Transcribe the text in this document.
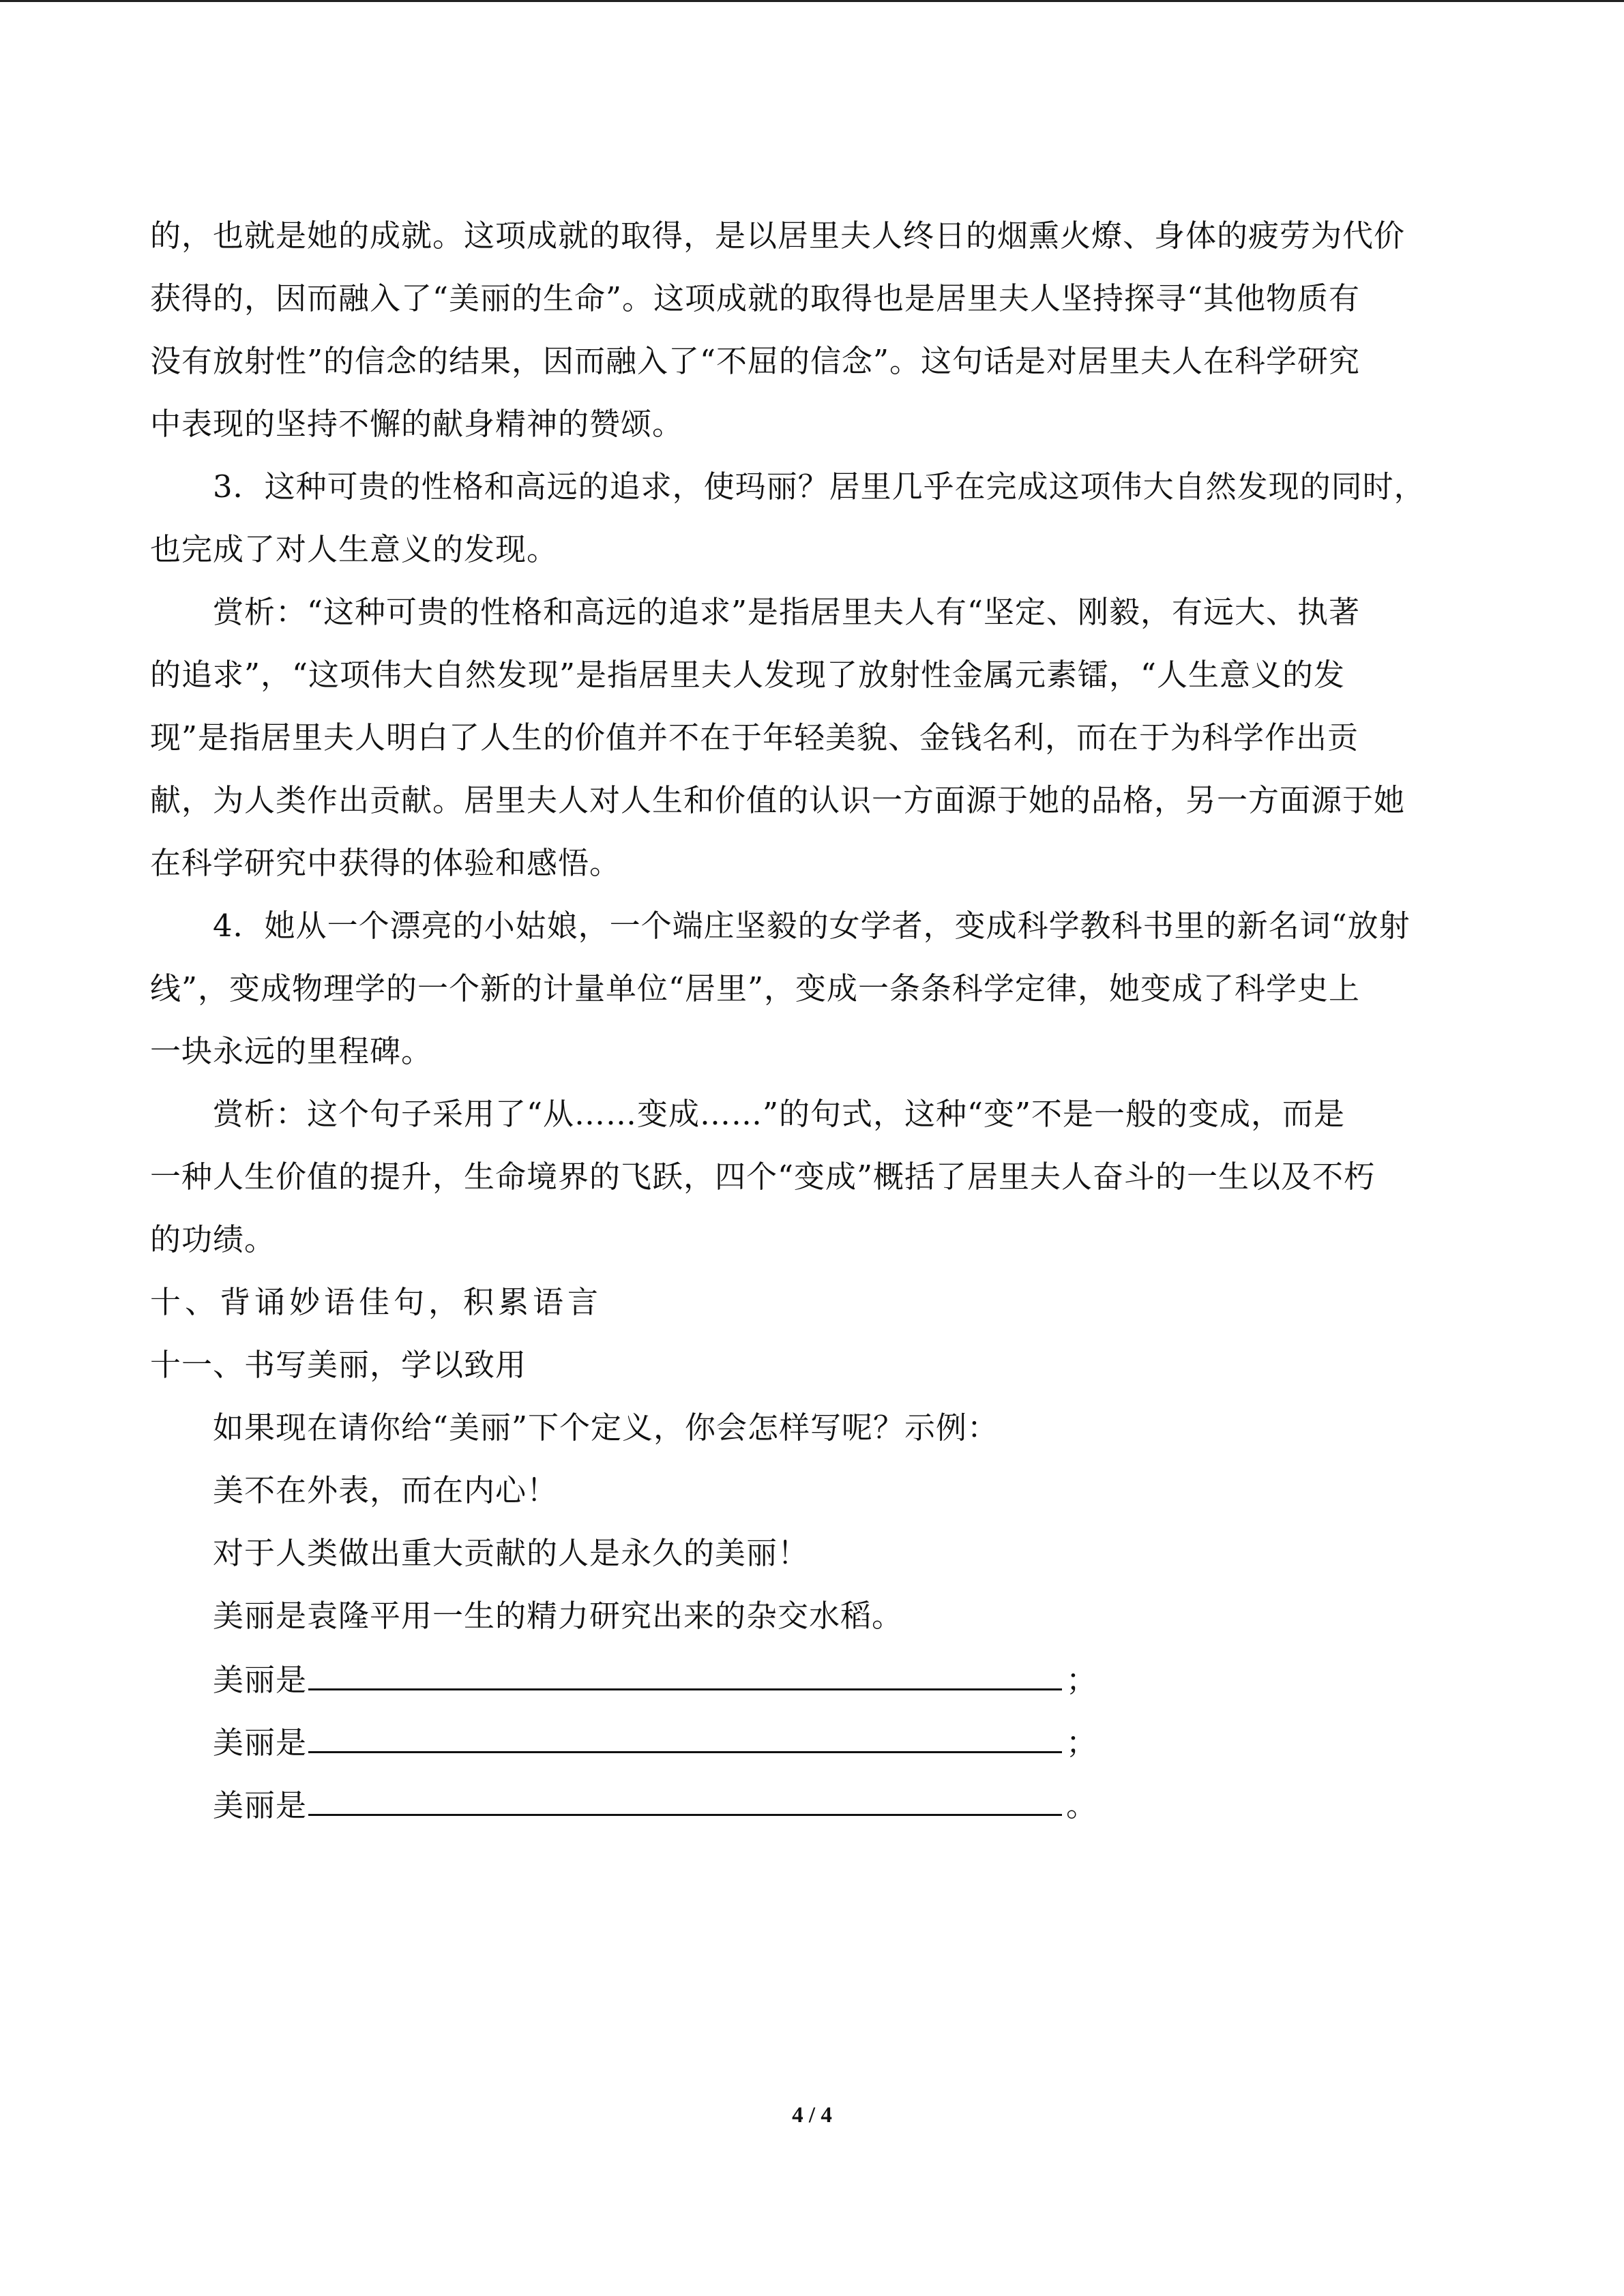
的，也就是她的成就。这项成就的取得，是以居里夫人终日的烟熏火燎、身体的疲劳为代价
获得的，因而融入了“美丽的生命”。这项成就的取得也是居里夫人坚持探寻“其他物质有
没有放射性”的信念的结果，因而融入了“不屈的信念”。这句话是对居里夫人在科学研究
中表现的坚持不懈的献身精神的赞颂。
3．这种可贵的性格和高远的追求，使玛丽？居里几乎在完成这项伟大自然发现的同时，
也完成了对人生意义的发现。
赏析：“这种可贵的性格和高远的追求”是指居里夫人有“坚定、刚毅，有远大、执著
的追求”，“这项伟大自然发现”是指居里夫人发现了放射性金属元素镭，“人生意义的发
现”是指居里夫人明白了人生的价值并不在于年轻美貌、金钱名利，而在于为科学作出贡
献，为人类作出贡献。居里夫人对人生和价值的认识一方面源于她的品格，另一方面源于她
在科学研究中获得的体验和感悟。
4．她从一个漂亮的小姑娘，一个端庄坚毅的女学者，变成科学教科书里的新名词“放射
线”，变成物理学的一个新的计量单位“居里”，变成一条条科学定律，她变成了科学史上
一块永远的里程碑。
赏析：这个句子采用了“从……变成……”的句式，这种“变”不是一般的变成，而是
一种人生价值的提升，生命境界的飞跃，四个“变成”概括了居里夫人奋斗的一生以及不朽
的功绩。
十、背诵妙语佳句，积累语言
十一、书写美丽，学以致用
如果现在请你给“美丽”下个定义，你会怎样写呢？示例：
美不在外表，而在内心！
对于人类做出重大贡献的人是永久的美丽！
美丽是袁隆平用一生的精力研究出来的杂交水稻。
美丽是	；
美丽是	；
美丽是	。
4 / 4
